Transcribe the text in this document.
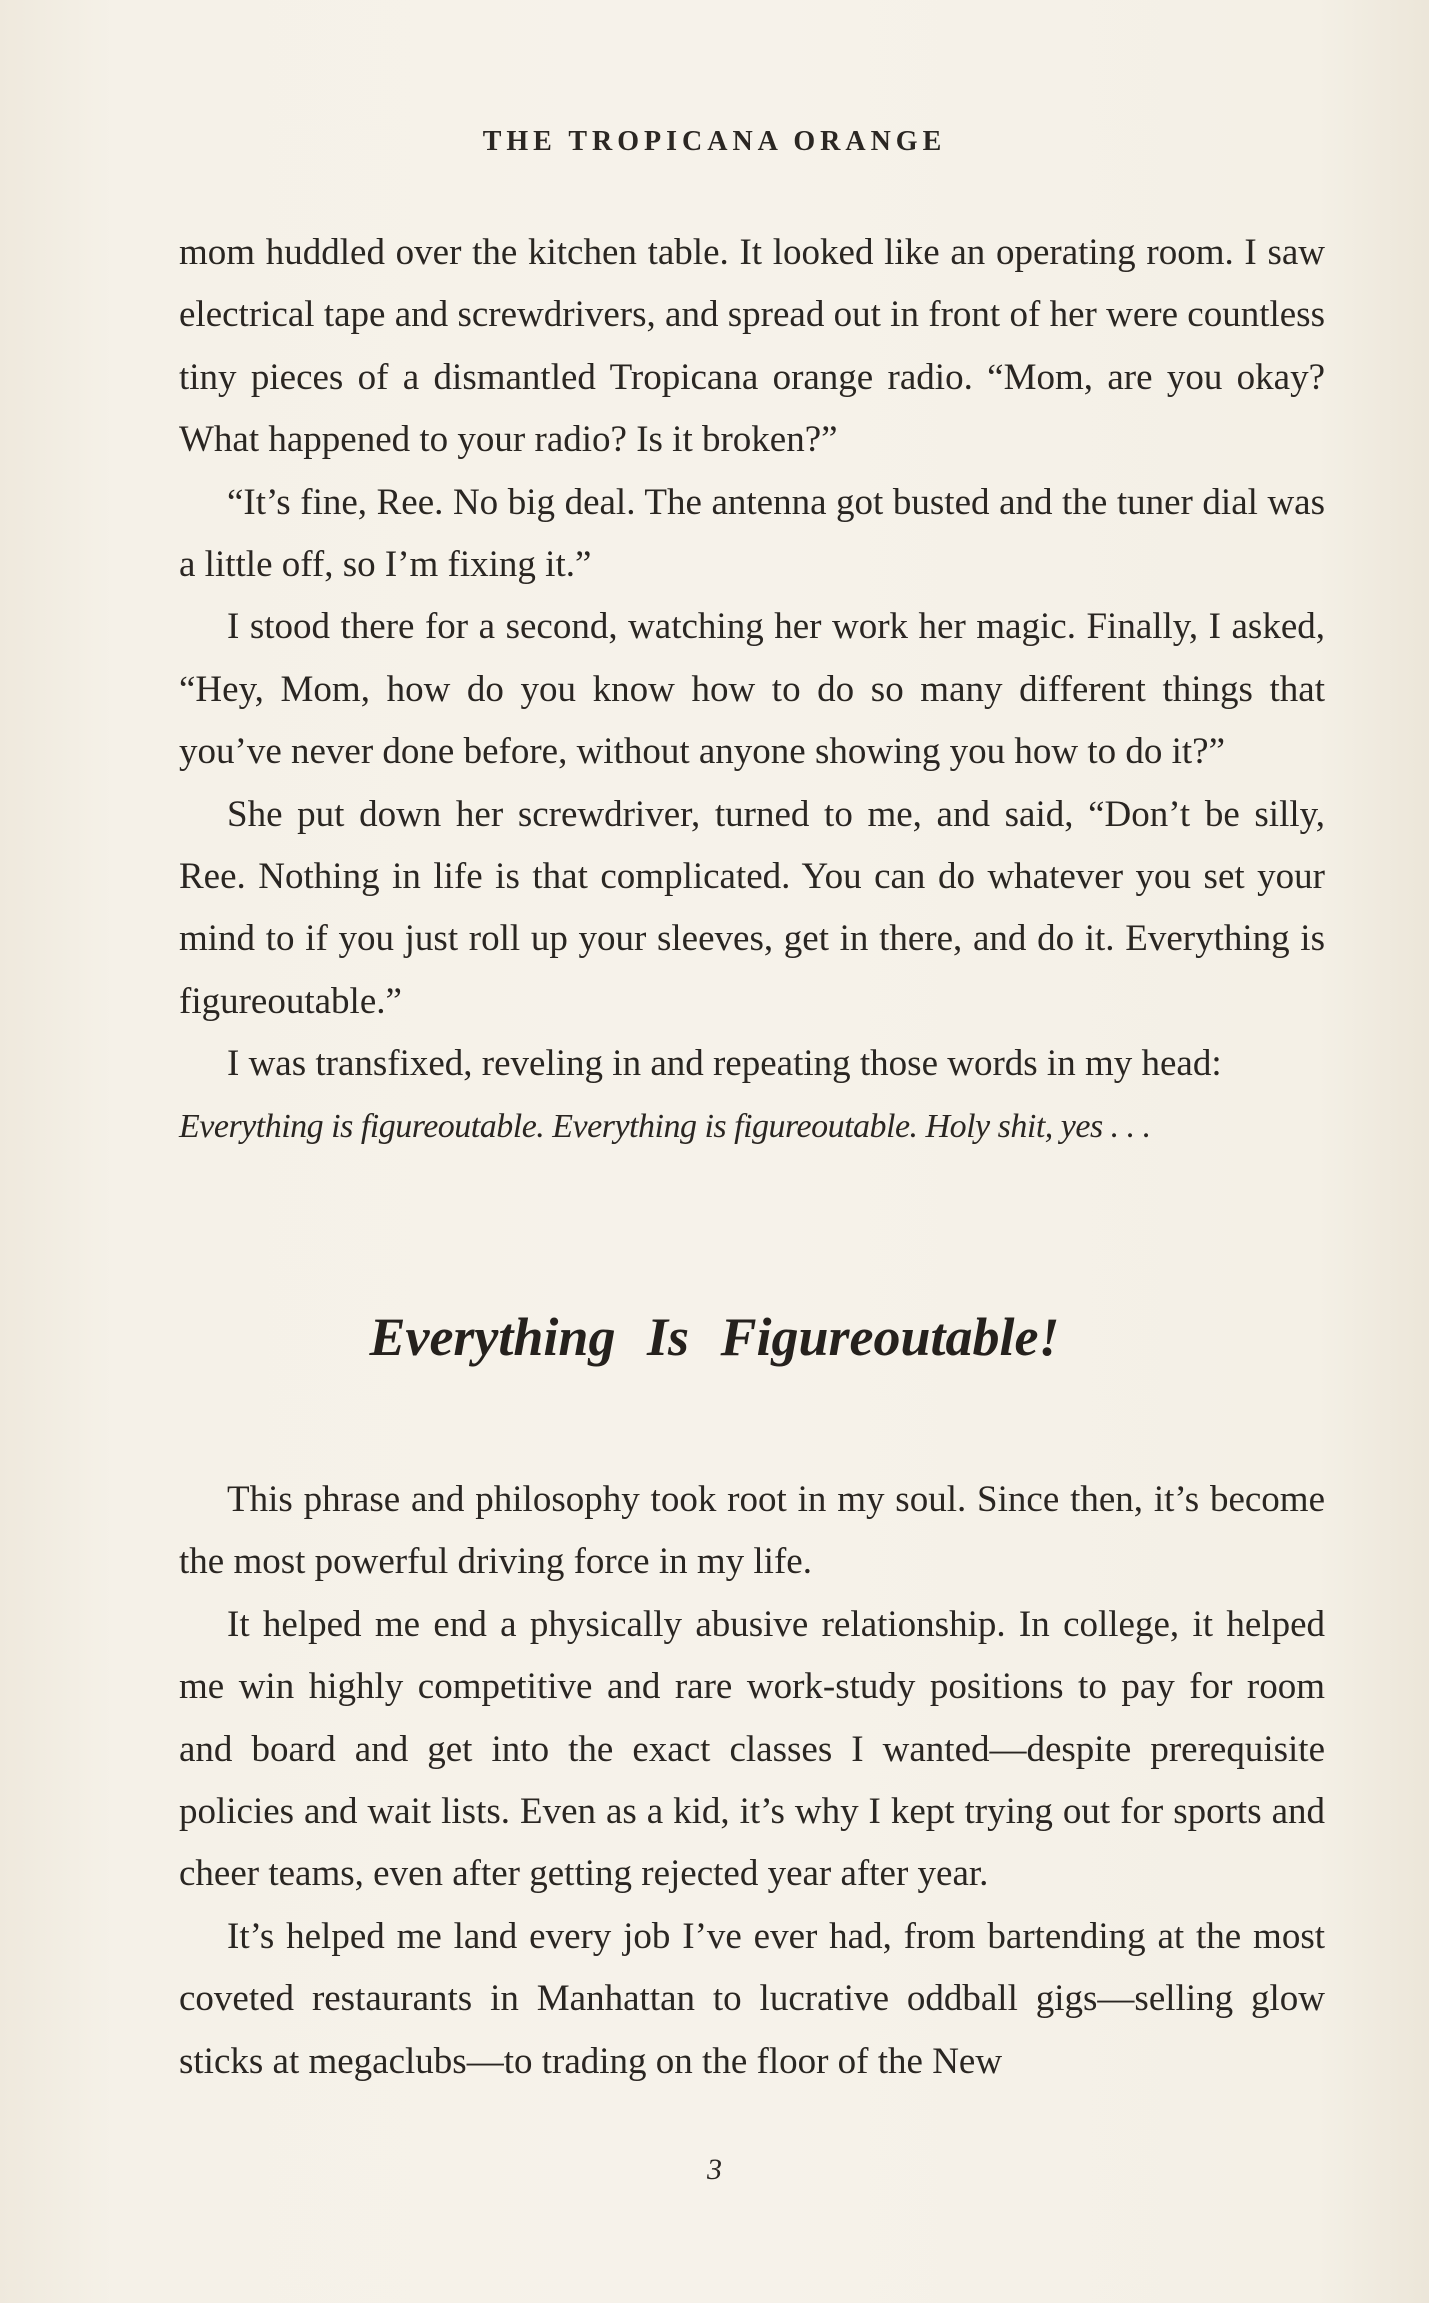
THE TROPICANA ORANGE

mom huddled over the kitchen table. It looked like an operating room. I saw electrical tape and screwdrivers, and spread out in front of her were countless tiny pieces of a dismantled Tropicana orange radio. “Mom, are you okay? What happened to your radio? Is it broken?”

“It’s fine, Ree. No big deal. The antenna got busted and the tuner dial was a little off, so I’m fixing it.”

I stood there for a second, watching her work her magic. Finally, I asked, “Hey, Mom, how do you know how to do so many different things that you’ve never done before, without anyone showing you how to do it?”

She put down her screwdriver, turned to me, and said, “Don’t be silly, Ree. Nothing in life is that complicated. You can do whatever you set your mind to if you just roll up your sleeves, get in there, and do it. Everything is figureoutable.”

I was transfixed, reveling in and repeating those words in my head:

Everything is figureoutable. Everything is figureoutable. Holy shit, yes . . .

Everything Is Figureoutable!

This phrase and philosophy took root in my soul. Since then, it’s become the most powerful driving force in my life.

It helped me end a physically abusive relationship. In college, it helped me win highly competitive and rare work-study positions to pay for room and board and get into the exact classes I wanted—despite prerequisite policies and wait lists. Even as a kid, it’s why I kept trying out for sports and cheer teams, even after getting rejected year after year.

It’s helped me land every job I’ve ever had, from bartending at the most coveted restaurants in Manhattan to lucrative oddball gigs—selling glow sticks at megaclubs—to trading on the floor of the New

3
